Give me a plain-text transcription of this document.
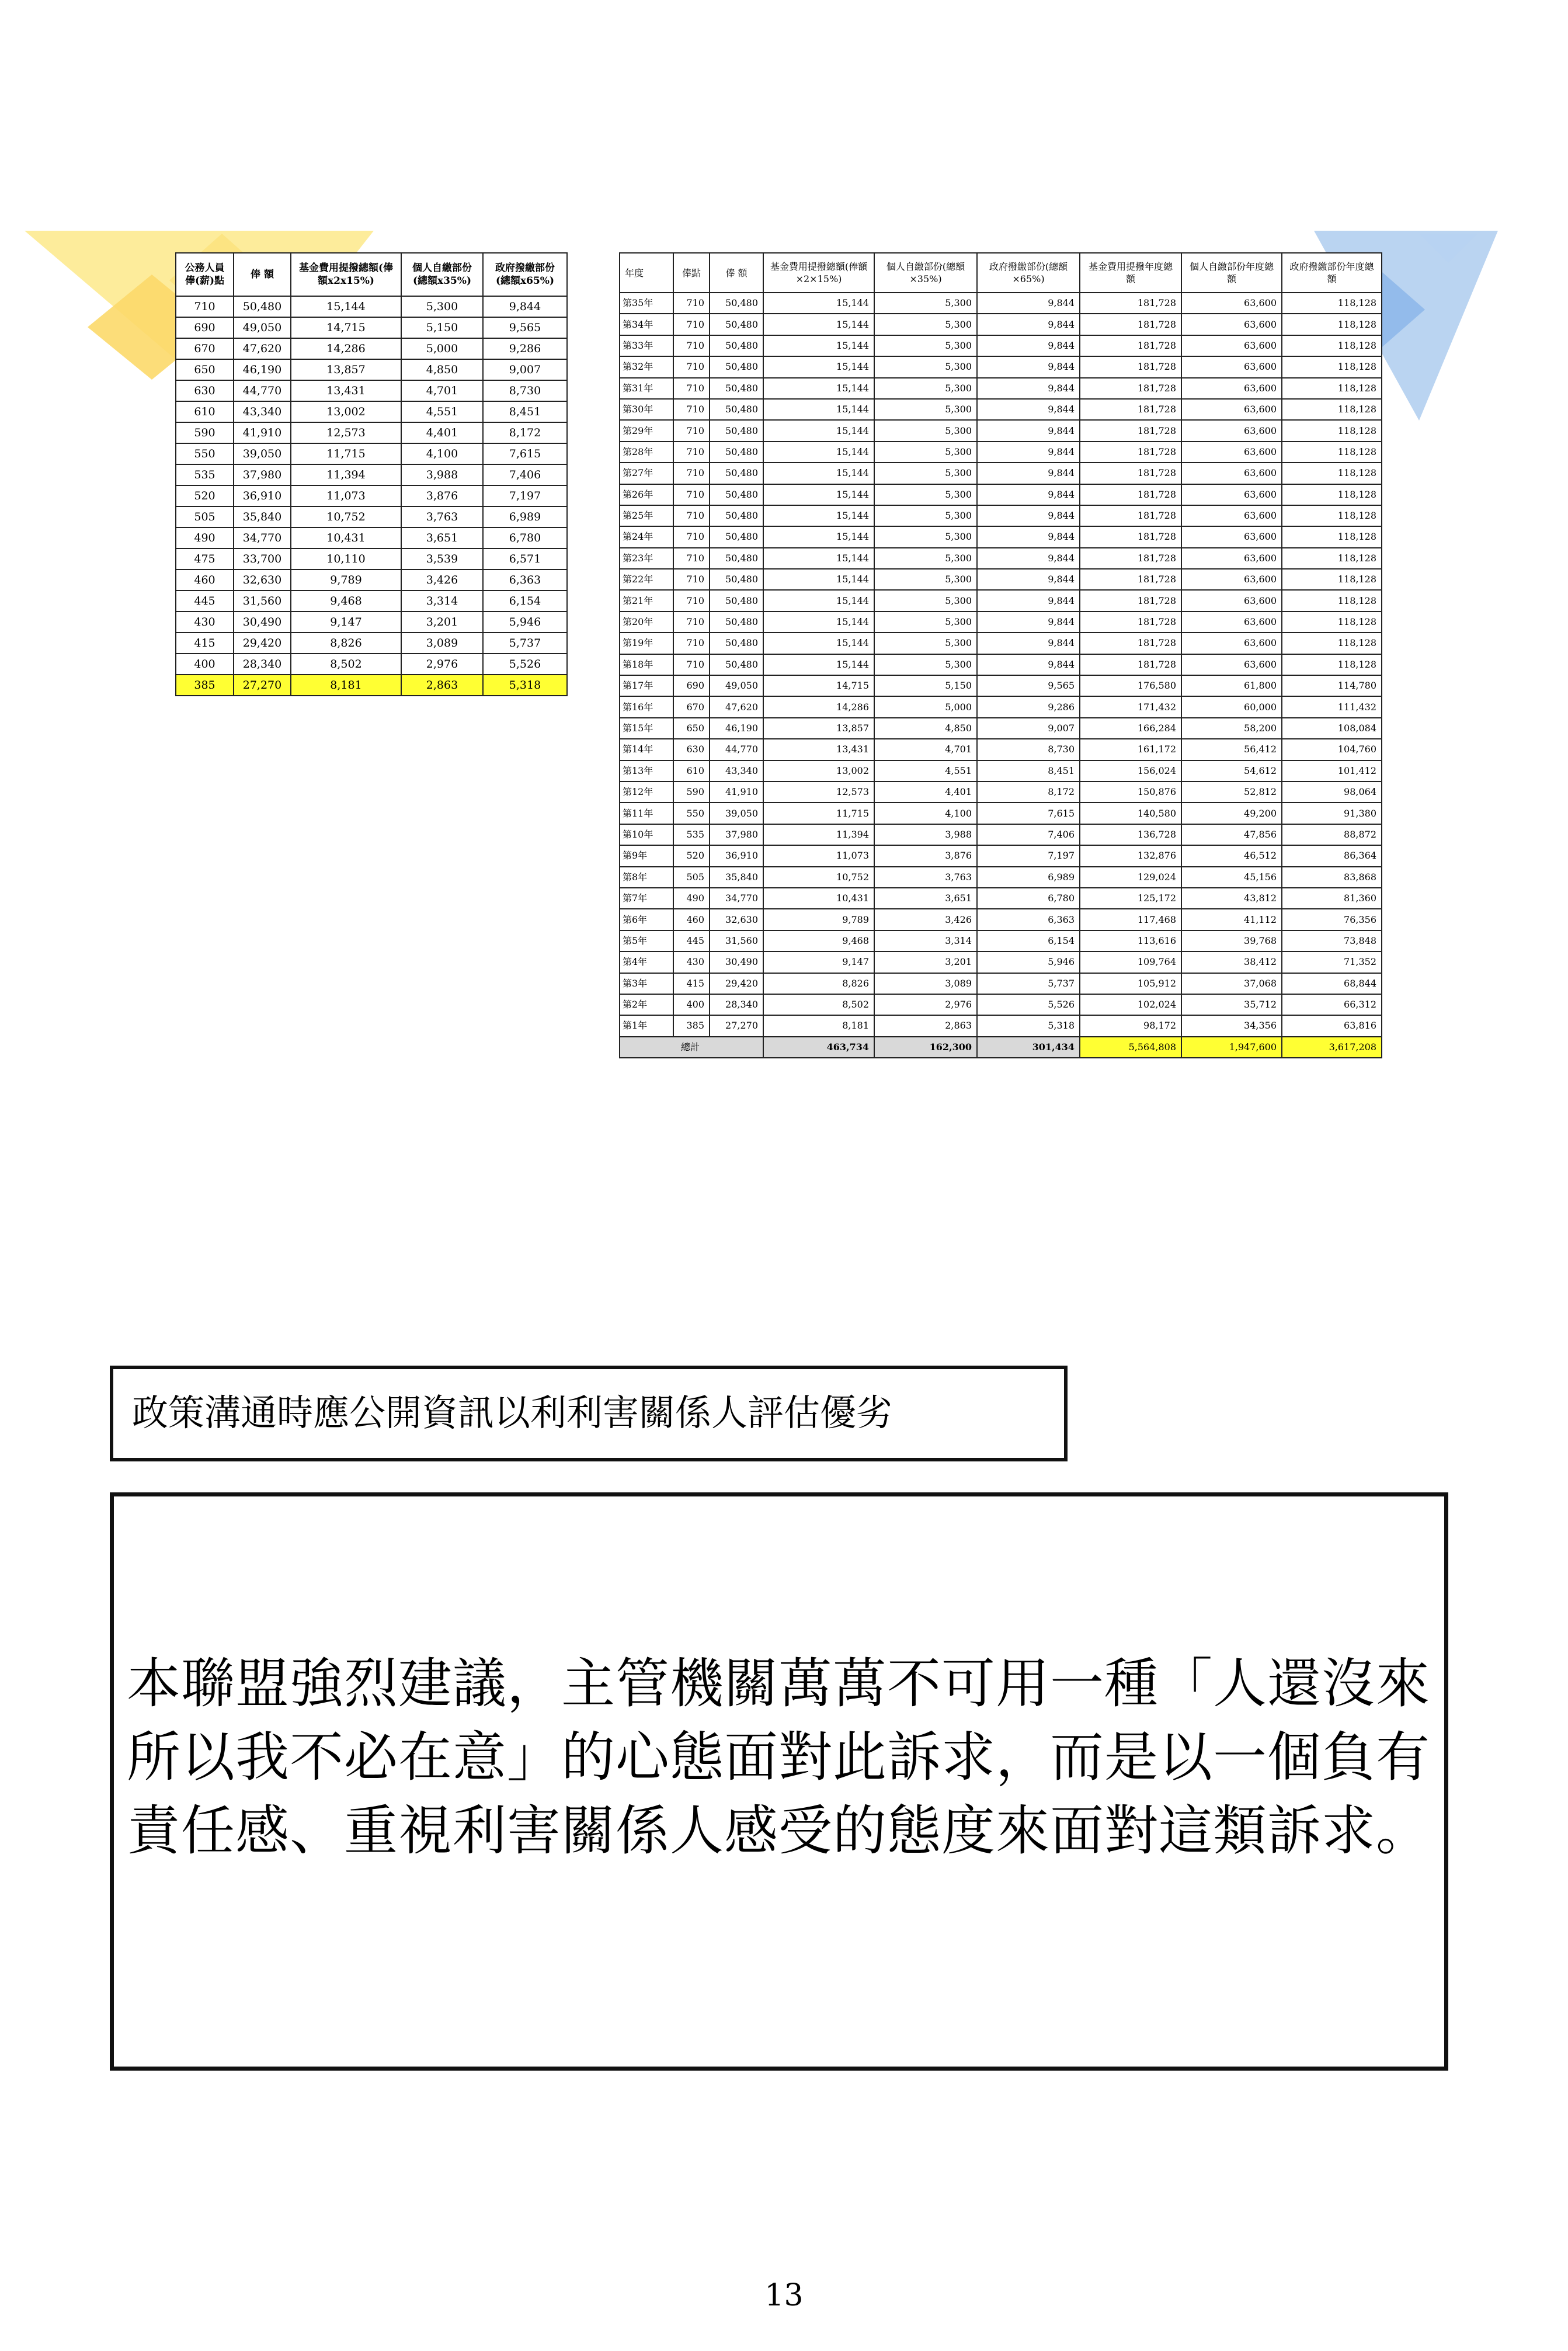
公務人員俸(薪)點	俸 額	基金費用提撥總額(俸額x2x15%)	個人自繳部份(總額x35%)	政府撥繳部份(總額x65%)
710	50,480	15,144	5,300	9,844
690	49,050	14,715	5,150	9,565
670	47,620	14,286	5,000	9,286
650	46,190	13,857	4,850	9,007
630	44,770	13,431	4,701	8,730
610	43,340	13,002	4,551	8,451
590	41,910	12,573	4,401	8,172
550	39,050	11,715	4,100	7,615
535	37,980	11,394	3,988	7,406
520	36,910	11,073	3,876	7,197
505	35,840	10,752	3,763	6,989
490	34,770	10,431	3,651	6,780
475	33,700	10,110	3,539	6,571
460	32,630	9,789	3,426	6,363
445	31,560	9,468	3,314	6,154
430	30,490	9,147	3,201	5,946
415	29,420	8,826	3,089	5,737
400	28,340	8,502	2,976	5,526
385	27,270	8,181	2,863	5,318
年度	俸點	俸 額	基金費用提撥總額(俸額×2×15%)	個人自繳部份(總額×35%)	政府撥繳部份(總額×65%)	基金費用提撥年度總額	個人自繳部份年度總額	政府撥繳部份年度總額
第35年	710	50,480	15,144	5,300	9,844	181,728	63,600	118,128
第34年	710	50,480	15,144	5,300	9,844	181,728	63,600	118,128
第33年	710	50,480	15,144	5,300	9,844	181,728	63,600	118,128
第32年	710	50,480	15,144	5,300	9,844	181,728	63,600	118,128
第31年	710	50,480	15,144	5,300	9,844	181,728	63,600	118,128
第30年	710	50,480	15,144	5,300	9,844	181,728	63,600	118,128
第29年	710	50,480	15,144	5,300	9,844	181,728	63,600	118,128
第28年	710	50,480	15,144	5,300	9,844	181,728	63,600	118,128
第27年	710	50,480	15,144	5,300	9,844	181,728	63,600	118,128
第26年	710	50,480	15,144	5,300	9,844	181,728	63,600	118,128
第25年	710	50,480	15,144	5,300	9,844	181,728	63,600	118,128
第24年	710	50,480	15,144	5,300	9,844	181,728	63,600	118,128
第23年	710	50,480	15,144	5,300	9,844	181,728	63,600	118,128
第22年	710	50,480	15,144	5,300	9,844	181,728	63,600	118,128
第21年	710	50,480	15,144	5,300	9,844	181,728	63,600	118,128
第20年	710	50,480	15,144	5,300	9,844	181,728	63,600	118,128
第19年	710	50,480	15,144	5,300	9,844	181,728	63,600	118,128
第18年	710	50,480	15,144	5,300	9,844	181,728	63,600	118,128
第17年	690	49,050	14,715	5,150	9,565	176,580	61,800	114,780
第16年	670	47,620	14,286	5,000	9,286	171,432	60,000	111,432
第15年	650	46,190	13,857	4,850	9,007	166,284	58,200	108,084
第14年	630	44,770	13,431	4,701	8,730	161,172	56,412	104,760
第13年	610	43,340	13,002	4,551	8,451	156,024	54,612	101,412
第12年	590	41,910	12,573	4,401	8,172	150,876	52,812	98,064
第11年	550	39,050	11,715	4,100	7,615	140,580	49,200	91,380
第10年	535	37,980	11,394	3,988	7,406	136,728	47,856	88,872
第9年	520	36,910	11,073	3,876	7,197	132,876	46,512	86,364
第8年	505	35,840	10,752	3,763	6,989	129,024	45,156	83,868
第7年	490	34,770	10,431	3,651	6,780	125,172	43,812	81,360
第6年	460	32,630	9,789	3,426	6,363	117,468	41,112	76,356
第5年	445	31,560	9,468	3,314	6,154	113,616	39,768	73,848
第4年	430	30,490	9,147	3,201	5,946	109,764	38,412	71,352
第3年	415	29,420	8,826	3,089	5,737	105,912	37,068	68,844
第2年	400	28,340	8,502	2,976	5,526	102,024	35,712	66,312
第1年	385	27,270	8,181	2,863	5,318	98,172	34,356	63,816
總計			463,734	162,300	301,434	5,564,808	1,947,600	3,617,208
政策溝通時應公開資訊以利利害關係人評估優劣

本聯盟強烈建議，主管機關萬萬不可用一種「人還沒來所以我不必在意」的心態面對此訴求，而是以一個負有責任感、重視利害關係人感受的態度來面對這類訴求。

13
